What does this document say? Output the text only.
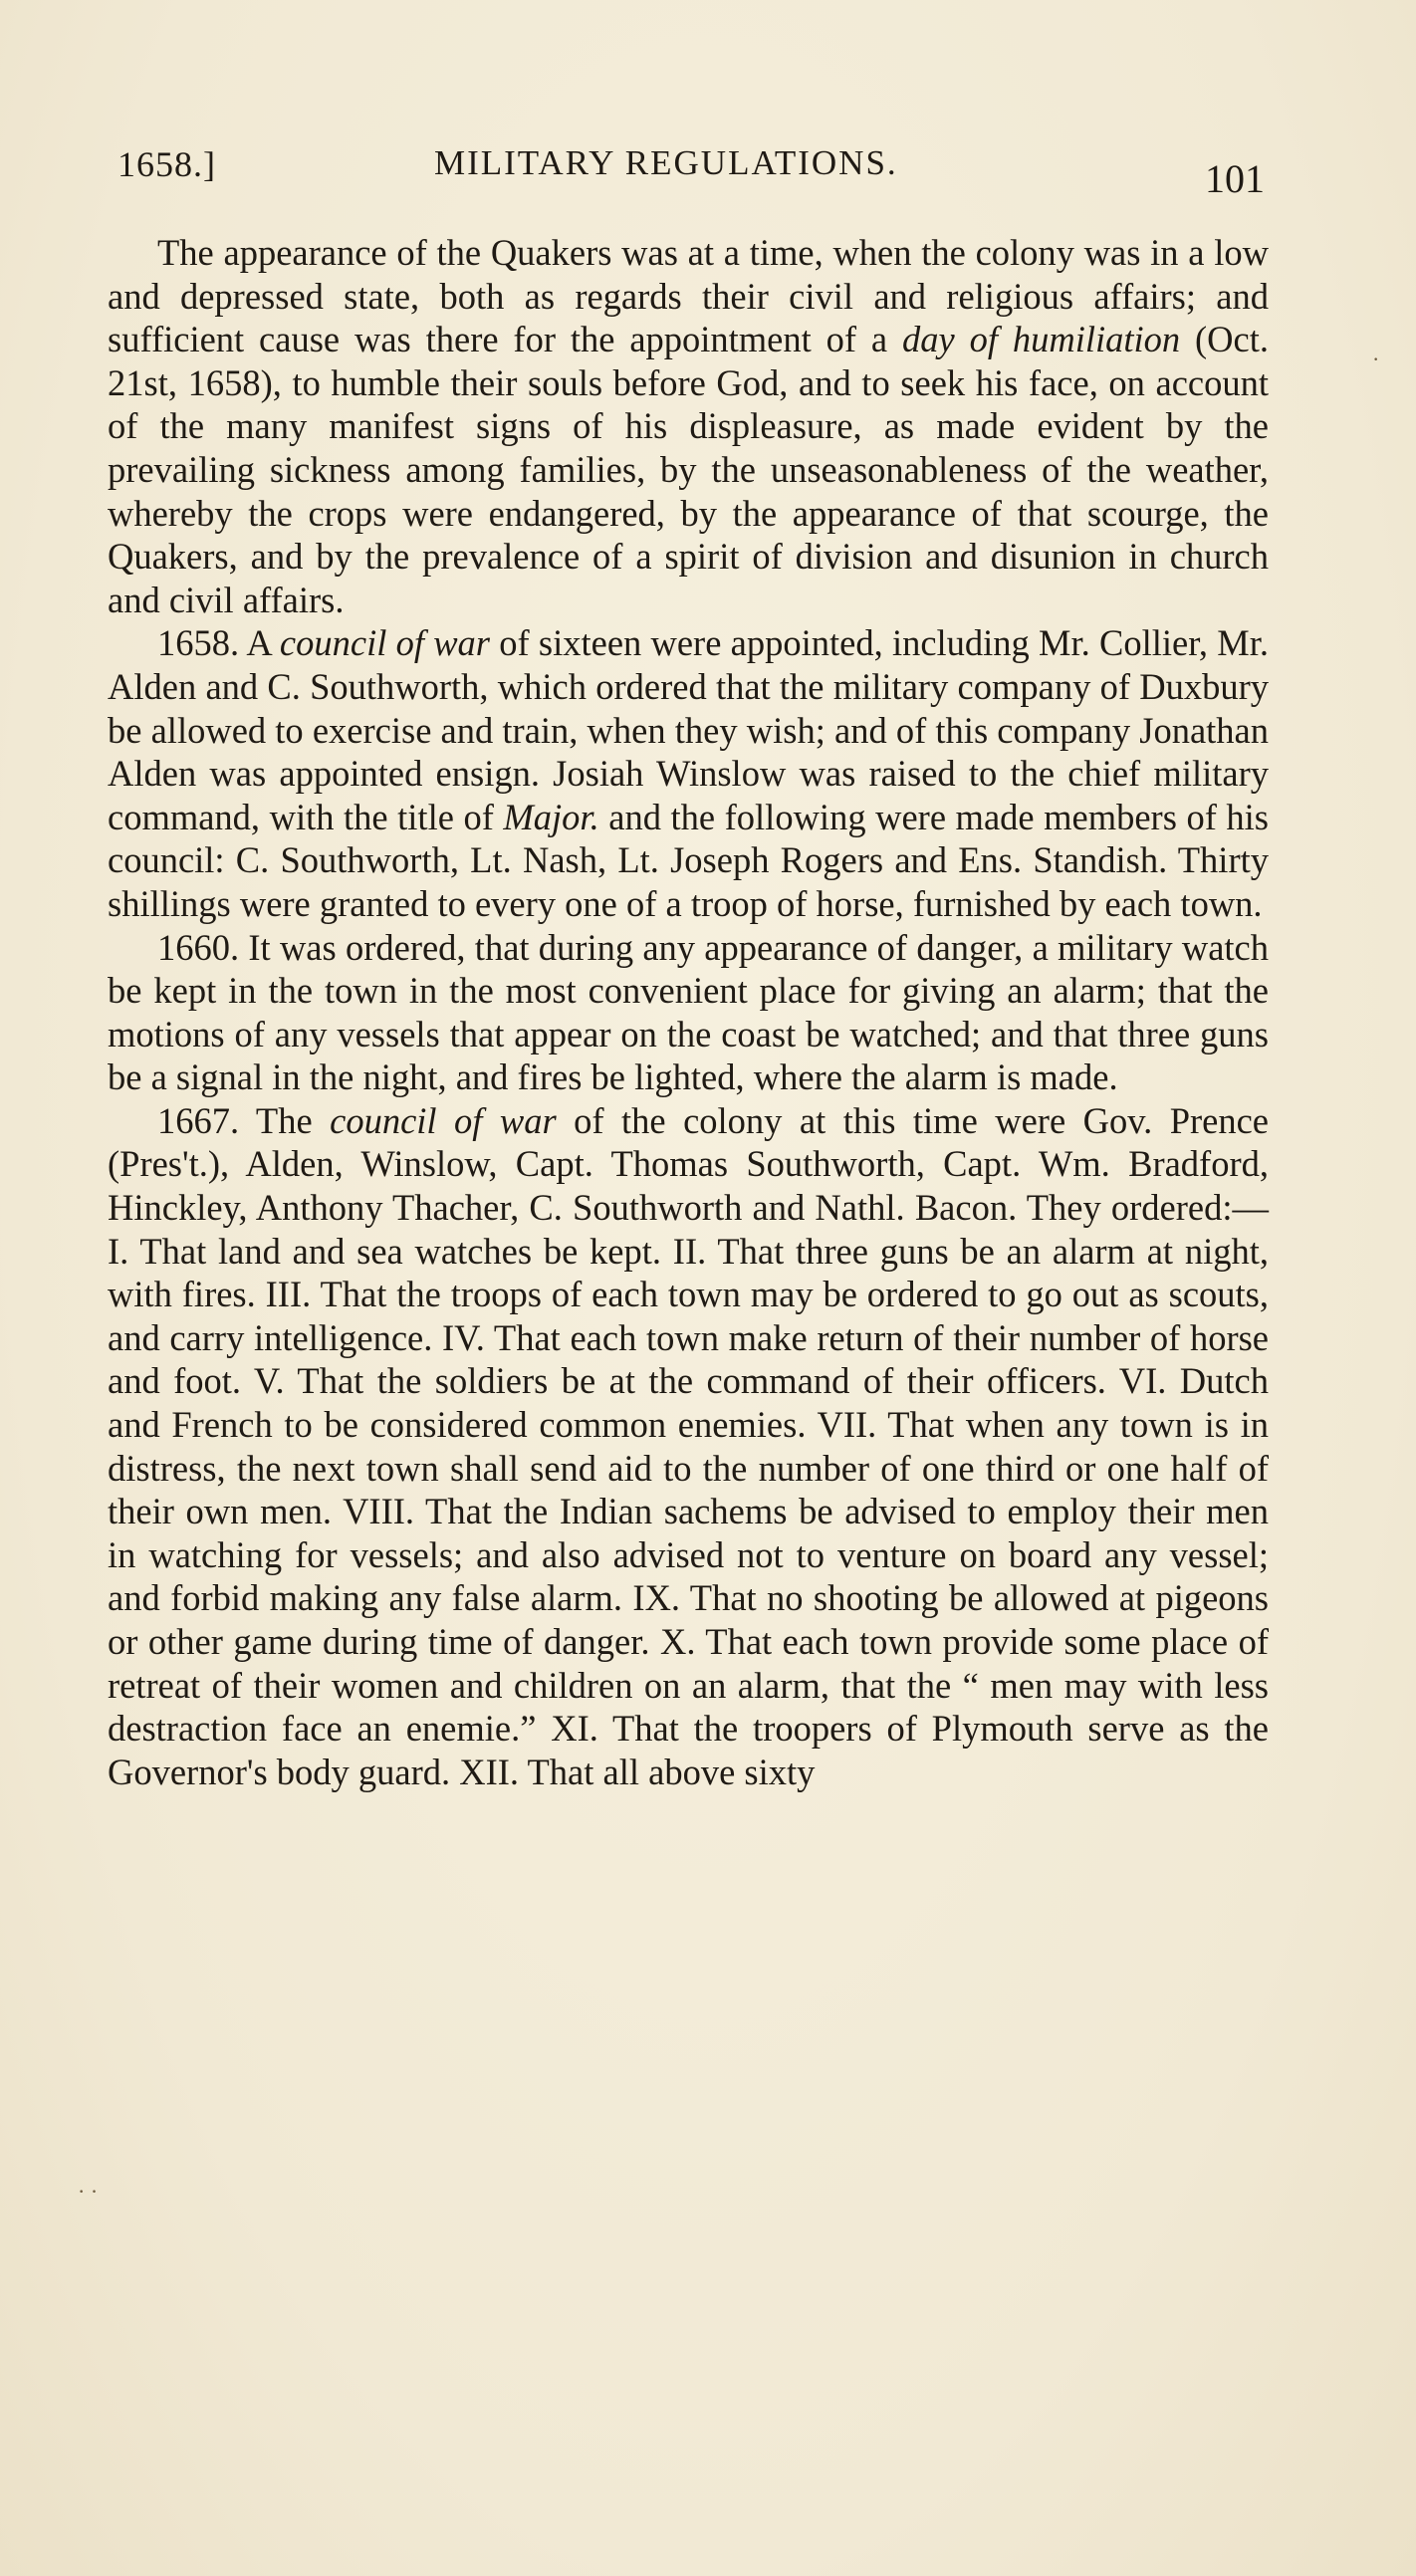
1658.]	MILITARY REGULATIONS.	101

The appearance of the Quakers was at a time, when the colony was in a low and depressed state, both as regards their civil and religious affairs; and sufficient cause was there for the appointment of a day of humiliation (Oct. 21st, 1658), to humble their souls before God, and to seek his face, on account of the many manifest signs of his displeasure, as made evident by the prevailing sickness among families, by the unseasonableness of the weather, whereby the crops were endangered, by the appearance of that scourge, the Quakers, and by the prevalence of a spirit of division and disunion in church and civil affairs.

1658. A council of war of sixteen were appointed, including Mr. Collier, Mr. Alden and C. Southworth, which ordered that the military company of Duxbury be allowed to exercise and train, when they wish; and of this company Jonathan Alden was appointed ensign. Josiah Winslow was raised to the chief military command, with the title of Major. and the following were made members of his council: C. Southworth, Lt. Nash, Lt. Joseph Rogers and Ens. Standish. Thirty shillings were granted to every one of a troop of horse, furnished by each town.

1660. It was ordered, that during any appearance of danger, a military watch be kept in the town in the most convenient place for giving an alarm; that the motions of any vessels that appear on the coast be watched; and that three guns be a signal in the night, and fires be lighted, where the alarm is made.

1667. The council of war of the colony at this time were Gov. Prence (Pres't.), Alden, Winslow, Capt. Thomas Southworth, Capt. Wm. Bradford, Hinckley, Anthony Thacher, C. Southworth and Nathl. Bacon. They ordered:— I. That land and sea watches be kept. II. That three guns be an alarm at night, with fires. III. That the troops of each town may be ordered to go out as scouts, and carry intelligence. IV. That each town make return of their number of horse and foot. V. That the soldiers be at the command of their officers. VI. Dutch and French to be considered common enemies. VII. That when any town is in distress, the next town shall send aid to the number of one third or one half of their own men. VIII. That the Indian sachems be advised to employ their men in watching for vessels; and also advised not to venture on board any vessel; and forbid making any false alarm. IX. That no shooting be allowed at pigeons or other game during time of danger. X. That each town provide some place of retreat of their women and children on an alarm, that the “ men may with less destraction face an enemie.” XI. That the troopers of Plymouth serve as the Governor's body guard. XII. That all above sixty

·
· ·
